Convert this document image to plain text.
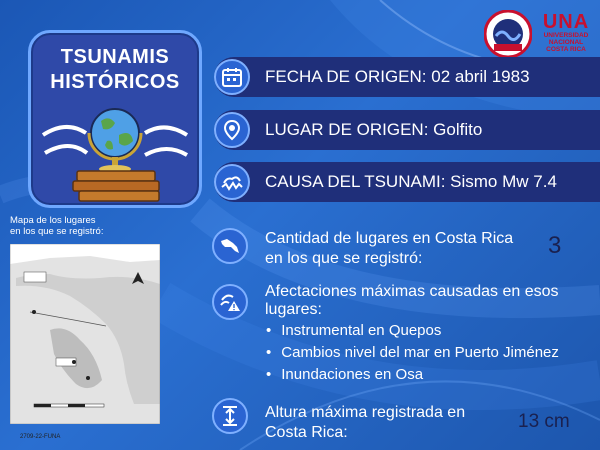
TSUNAMIS
HISTÓRICOS
UNA
UNIVERSIDAD
NACIONAL
COSTA RICA
FECHA DE ORIGEN: 02 abril 1983
LUGAR DE ORIGEN: Golfito
CAUSA DEL TSUNAMI: Sismo Mw 7.4
Mapa de los lugares
en los que se registró:
2709-22-FUNA
Cantidad de lugares en Costa Rica
en los que se registró:	3
Afectaciones máximas causadas en esos
lugares:
• Instrumental en Quepos
• Cambios nivel del mar en Puerto Jiménez
• Inundaciones en Osa
Altura máxima registrada en
Costa Rica:
13 cm
